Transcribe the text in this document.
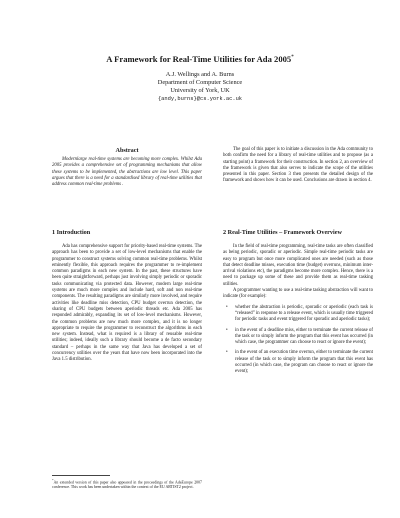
A Framework for Real-Time Utilities for Ada 2005*
A.J. Wellings and A. Burns
Department of Computer Science
University of York, UK
{andy,burns}@cs.york.ac.uk
Abstract

Modernlarge real-time systems are becoming more complex. Whilst Ada 2005 provides a comprehensive set of programming mechanisms that allow these systems to be implemented, the abstractions are low level. This paper argues that there is a need for a standardised library of real-time utilities that address common real-time problems .

1 Introduction

Ada has comprehensive support for priority-based real-time systems. The approach has been to provide a set of low-level mechanisms that enable the programmer to construct systems solving common real-time problems. Whilst eminently flexible, this approach requires the programmer to re-implement common paradigms in each new system. In the past, these structures have been quite straightforward, perhaps just involving simply periodic or sporadic tasks communicating via protected data. However, modern large real-time systems are much more complex and include hard, soft and non real-time components. The resulting paradigms are similarly more involved, and require activities like deadline miss detection, CPU budget overrun detection, the sharing of CPU budgets between aperiodic threads etc. Ada 2005 has responded admirably, expanding its set of low-level mechanisms. However, the common problems are now much more complex, and it is no longer appropriate to require the programmer to reconstruct the algorithms in each new system. Instead, what is required is a library of reusable real-time utilities; indeed, ideally such a library should become a de facto secondary standard – perhaps in the same way that Java has developed a set of concurrency utilities over the years that have now been incorporated into the Java 1.5 distribution.

*An extended version of this paper also appeared in the proceedings of the AdaEurope 2007 conference. This work has been undertaken within the context of the EU ARTIST2 project.

The goal of this paper is to initiate a discussion in the Ada community to both confirm the need for a library of real-time utilities and to propose (as a starting point) a framework for their construction. In section 2, an overview of the framework is given that also serves to indicate the scope of the utilities presented in this paper. Section 3 then presents the detailed design of the framework and shows how it can be used. Conclusions are drawn in section 4.

2 Real-Time Utilities – Framework Overview

In the field of real-time programming, real-time tasks are often classified as being periodic, sporadic or aperiodic. Simple real-time periodic tasks are easy to program but once more complicated ones are needed (such as those that detect deadline misses, execution time (budget) overruns, minimum inter-arrival violations etc), the paradigms become more complex. Hence, there is a need to package up some of these and provide them as real-time tasking utilities.

A programmer wanting to use a real-time tasking abstraction will want to indicate (for example):

• whether the abstraction is periodic, sporadic or aperiodic (each task is “released” in response to a release event, which is usually time triggered for periodic tasks and event triggered for sporadic and aperiodic tasks);
• in the event of a deadline miss, either to terminate the current release of the task or to simply inform the program that this event has occurred (in which case, the programmer can choose to react or ignore the event);
• in the event of an execution time overrun, either to terminate the current release of the task or to simply inform the program that this event has occurred (in which case, the program can choose to react or ignore the event);
